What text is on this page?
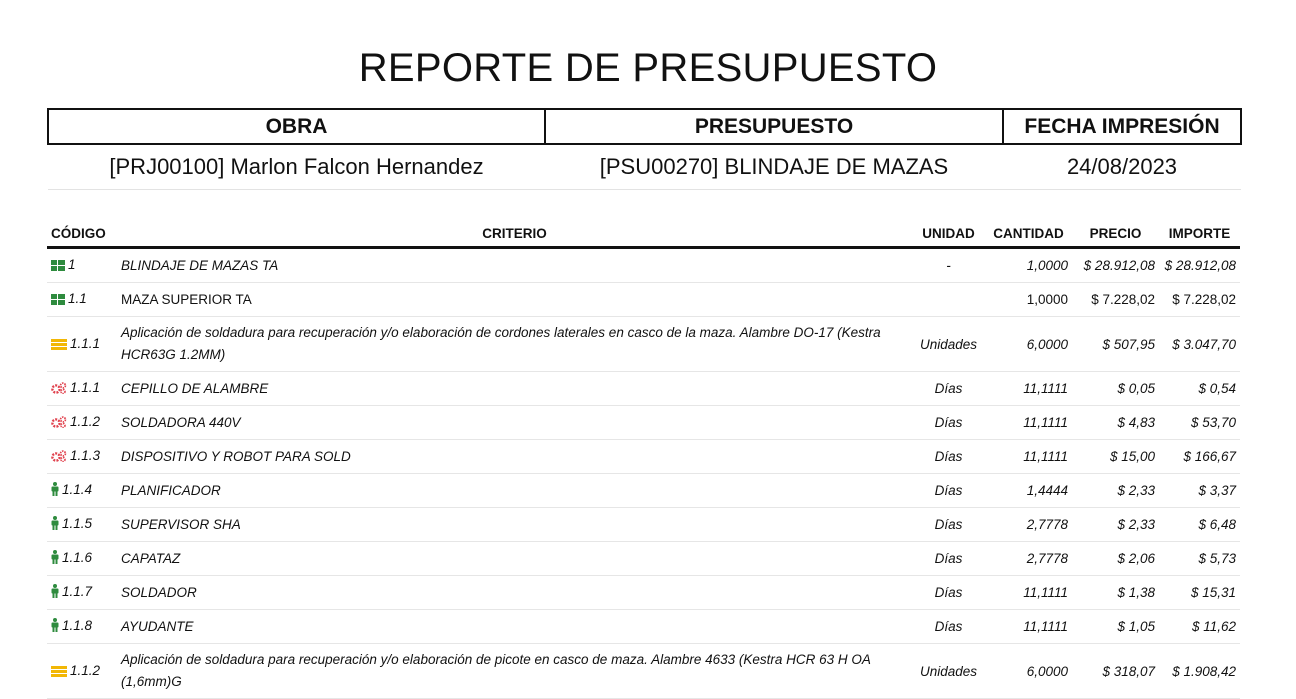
REPORTE DE PRESUPUESTO
OBRA	PRESUPUESTO	FECHA IMPRESIÓN
[PRJ00100] Marlon Falcon Hernandez	[PSU00270] BLINDAJE DE MAZAS	24/08/2023
CÓDIGO	CRITERIO	UNIDAD	CANTIDAD	PRECIO	IMPORTE
1	BLINDAJE DE MAZAS TA	-	1,0000	$ 28.912,08	$ 28.912,08
1.1	MAZA SUPERIOR TA		1,0000	$ 7.228,02	$ 7.228,02
1.1.1	Aplicación de soldadura para recuperación y/o elaboración de cordones laterales en casco de la maza. Alambre DO-17 (Kestra HCR63G 1.2MM)	Unidades	6,0000	$ 507,95	$ 3.047,70
1.1.1	CEPILLO DE ALAMBRE	Días	11,1111	$ 0,05	$ 0,54
1.1.2	SOLDADORA 440V	Días	11,1111	$ 4,83	$ 53,70
1.1.3	DISPOSITIVO Y ROBOT PARA SOLD	Días	11,1111	$ 15,00	$ 166,67
1.1.4	PLANIFICADOR	Días	1,4444	$ 2,33	$ 3,37
1.1.5	SUPERVISOR SHA	Días	2,7778	$ 2,33	$ 6,48
1.1.6	CAPATAZ	Días	2,7778	$ 2,06	$ 5,73
1.1.7	SOLDADOR	Días	11,1111	$ 1,38	$ 15,31
1.1.8	AYUDANTE	Días	11,1111	$ 1,05	$ 11,62
1.1.2	Aplicación de soldadura para recuperación y/o elaboración de picote en casco de maza. Alambre 4633 (Kestra HCR 63 H OA (1,6mm)G	Unidades	6,0000	$ 318,07	$ 1.908,42
